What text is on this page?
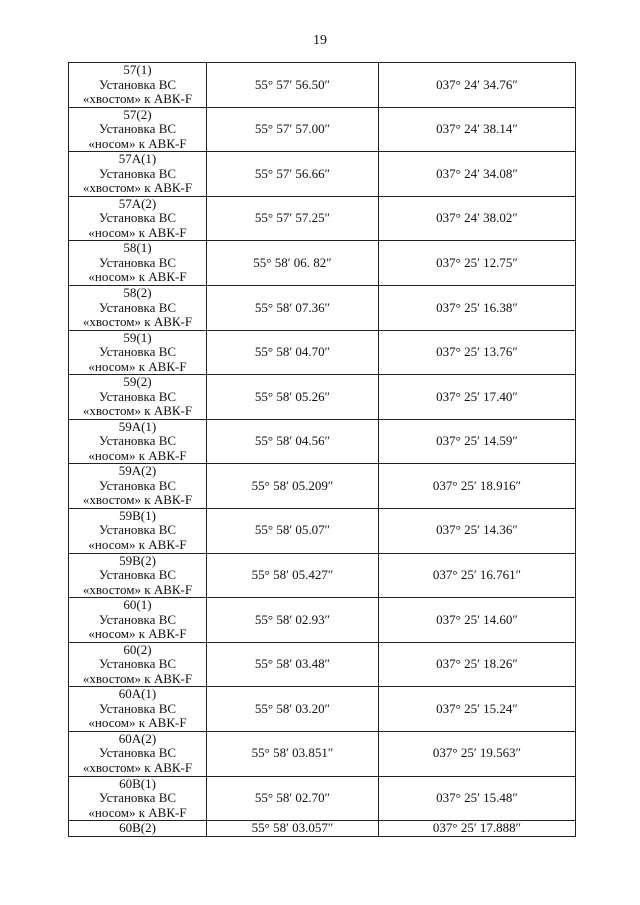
19
57(1)
Установка ВС
«хвостом» к АВК-F	55° 57′ 56.50″	037° 24′ 34.76″

57(2)
Установка ВС
«носом» к АВК-F	55° 57′ 57.00″	037° 24′ 38.14″

57A(1)
Установка ВС
«хвостом» к АВК-F	55° 57′ 56.66″	037° 24′ 34.08″

57A(2)
Установка ВС
«носом» к АВК-F	55° 57′ 57.25″	037° 24′ 38.02″

58(1)
Установка ВС
«носом» к АВК-F	55° 58′ 06. 82″	037° 25′ 12.75″

58(2)
Установка ВС
«хвостом» к АВК-F	55° 58′ 07.36″	037° 25′ 16.38″

59(1)
Установка ВС
«носом» к АВК-F	55° 58′ 04.70″	037° 25′ 13.76″

59(2)
Установка ВС
«хвостом» к АВК-F	55° 58′ 05.26″	037° 25′ 17.40″

59A(1)
Установка ВС
«носом» к АВК-F	55° 58′ 04.56″	037° 25′ 14.59″

59A(2)
Установка ВС
«хвостом» к АВК-F	55° 58′ 05.209″	037° 25′ 18.916″

59B(1)
Установка ВС
«носом» к АВК-F	55° 58′ 05.07″	037° 25′ 14.36″

59B(2)
Установка ВС
«хвостом» к АВК-F	55° 58′ 05.427″	037° 25′ 16.761″

60(1)
Установка ВС
«носом» к АВК-F	55° 58′ 02.93″	037° 25′ 14.60″

60(2)
Установка ВС
«хвостом» к АВК-F	55° 58′ 03.48″	037° 25′ 18.26″

60A(1)
Установка ВС
«носом» к АВК-F	55° 58′ 03.20″	037° 25′ 15.24″

60A(2)
Установка ВС
«хвостом» к АВК-F	55° 58′ 03.851″	037° 25′ 19.563″

60B(1)
Установка ВС
«носом» к АВК-F	55° 58′ 02.70″	037° 25′ 15.48″

60B(2)	55° 58′ 03.057″	037° 25′ 17.888″
